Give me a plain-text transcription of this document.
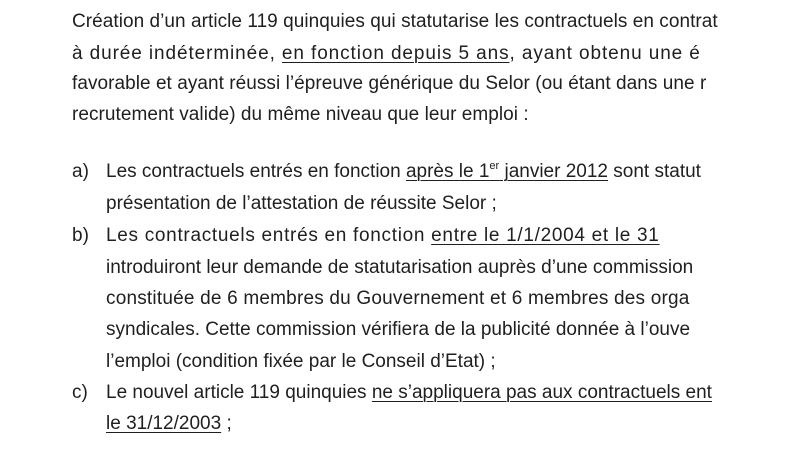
Création d’un article 119 quinquies qui statutarise les contractuels en contrat
à durée indéterminée, en fonction depuis 5 ans, ayant obtenu une é
favorable et ayant réussi l’épreuve générique du Selor (ou étant dans une r
recrutement valide) du même niveau que leur emploi :
a) Les contractuels entrés en fonction après le 1er janvier 2012 sont statut
présentation de l’attestation de réussite Selor ;
b) Les contractuels entrés en fonction entre le 1/1/2004 et le 31
introduiront leur demande de statutarisation auprès d’une commission
constituée de 6 membres du Gouvernement et 6 membres des orga
syndicales. Cette commission vérifiera de la publicité donnée à l’ouve
l’emploi (condition fixée par le Conseil d’Etat) ;
c) Le nouvel article 119 quinquies ne s’appliquera pas aux contractuels ent
le 31/12/2003 ;
